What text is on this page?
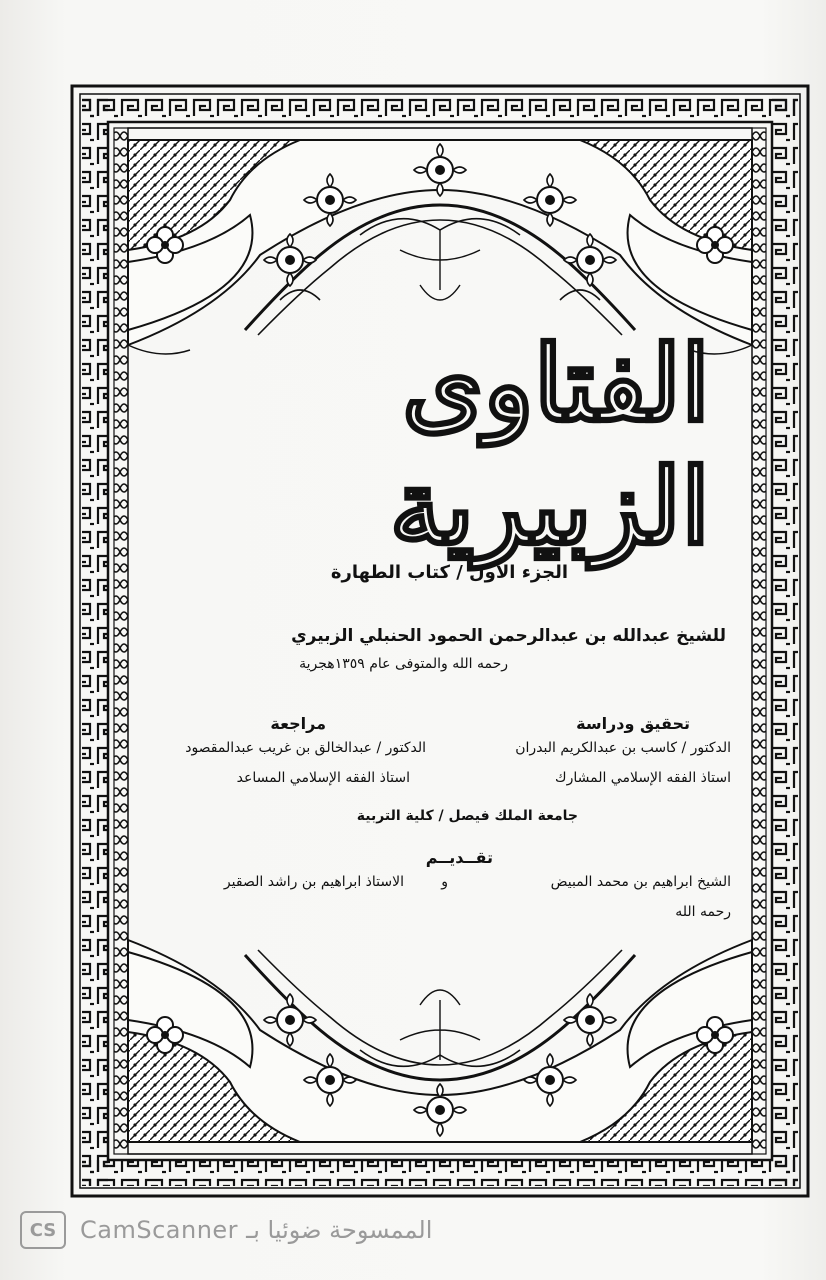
الفتاوى الزبيرية
الجزء الأول / كتاب الطهارة
للشيخ عبدالله بن عبدالرحمن الحمود الحنبلي الزبيري
رحمه الله والمتوفى عام ١٣٥٩هجرية
تحقيق ودراسة
الدكتور / كاسب بن عبدالكريم البدران
استاذ الفقه الإسلامي المشارك
مراجعة
الدكتور / عبدالخالق بن غريب عبدالمقصود
استاذ الفقه الإسلامي المساعد
جامعة الملك فيصل / كلية التربية
تقــديــم
الشيخ ابراهيم بن محمد المبيض
و
الاستاذ ابراهيم بن راشد الصقير
رحمه الله
CS CamScanner الممسوحة ضوئيا بـ
